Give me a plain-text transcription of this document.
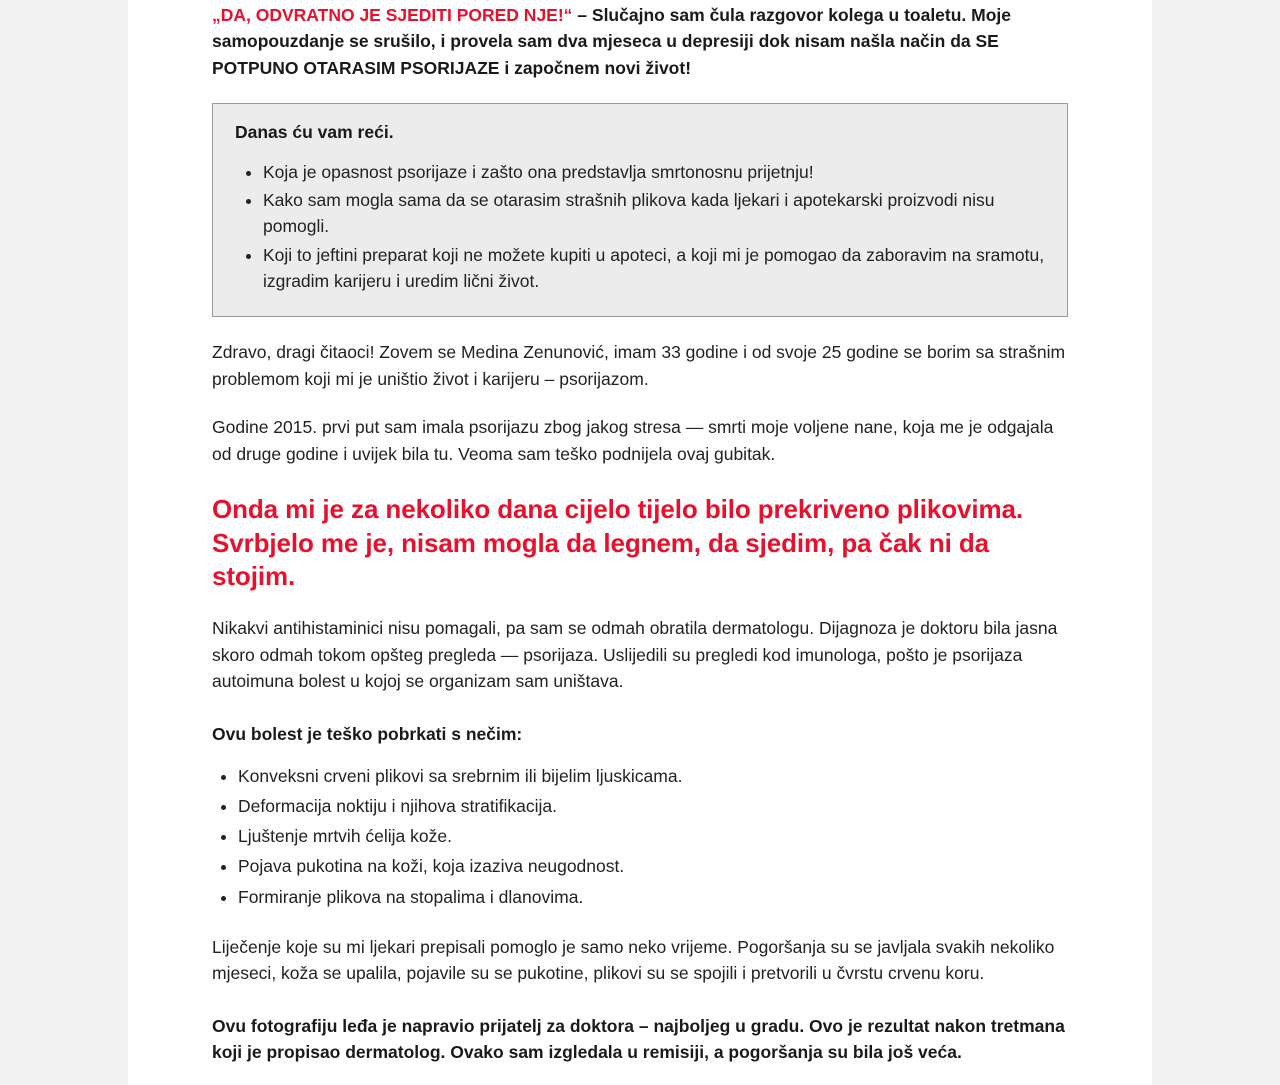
„DA, ODVRATNO JE SJEDITI PORED NJE!“ – Slučajno sam čula razgovor kolega u toaletu. Moje samopouzdanje se srušilo, i provela sam dva mjeseca u depresiji dok nisam našla način da SE POTPUNO OTARASIM PSORIJAZE i započnem novi život!

Danas ću vam reći.
• Koja je opasnost psorijaze i zašto ona predstavlja smrtonosnu prijetnju!
• Kako sam mogla sama da se otarasim strašnih plikova kada ljekari i apotekarski proizvodi nisu pomogli.
• Koji to jeftini preparat koji ne možete kupiti u apoteci, a koji mi je pomogao da zaboravim na sramotu, izgradim karijeru i uredim lični život.

Zdravo, dragi čitaoci! Zovem se Medina Zenunović, imam 33 godine i od svoje 25 godine se borim sa strašnim problemom koji mi je uništio život i karijeru – psorijazom.

Godine 2015. prvi put sam imala psorijazu zbog jakog stresa — smrti moje voljene nane, koja me je odgajala od druge godine i uvijek bila tu. Veoma sam teško podnijela ovaj gubitak.

Onda mi je za nekoliko dana cijelo tijelo bilo prekriveno plikovima. Svrbjelo me je, nisam mogla da legnem, da sjedim, pa čak ni da stojim.

Nikakvi antihistaminici nisu pomagali, pa sam se odmah obratila dermatologu. Dijagnoza je doktoru bila jasna skoro odmah tokom opšteg pregleda — psorijaza. Uslijedili su pregledi kod imunologa, pošto je psorijaza autoimuna bolest u kojoj se organizam sam uništava.

Ovu bolest je teško pobrkati s nečim:

• Konveksni crveni plikovi sa srebrnim ili bijelim ljuskicama.
• Deformacija noktiju i njihova stratifikacija.
• Ljuštenje mrtvih ćelija kože.
• Pojava pukotina na koži, koja izaziva neugodnost.
• Formiranje plikova na stopalima i dlanovima.

Liječenje koje su mi ljekari prepisali pomoglo je samo neko vrijeme. Pogoršanja su se javljala svakih nekoliko mjeseci, koža se upalila, pojavile su se pukotine, plikovi su se spojili i pretvorili u čvrstu crvenu koru.

Ovu fotografiju leđa je napravio prijatelj za doktora – najboljeg u gradu. Ovo je rezultat nakon tretmana koji je propisao dermatolog. Ovako sam izgledala u remisiji, a pogoršanja su bila još veća.
